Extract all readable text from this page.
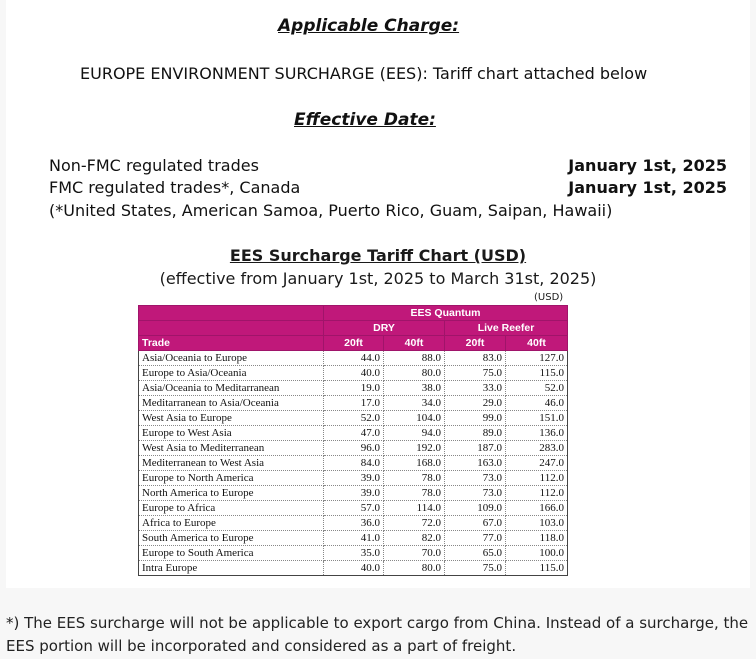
Applicable Charge:
EUROPE ENVIRONMENT SURCHARGE (EES): Tariff chart attached below
Effective Date:
Non-FMC regulated trades	January 1st, 2025
FMC regulated trades*, Canada	January 1st, 2025
(*United States, American Samoa, Puerto Rico, Guam, Saipan, Hawaii)
EES Surcharge Tariff Chart (USD)
(effective from January 1st, 2025 to March 31st, 2025)
(USD)
	EES Quantum			
	DRY		Live Reefer	
Trade	20ft	40ft	20ft	40ft
Asia/Oceania to Europe	44.0	88.0	83.0	127.0
Europe to Asia/Oceania	40.0	80.0	75.0	115.0
Asia/Oceania to Meditarranean	19.0	38.0	33.0	52.0
Meditarranean to Asia/Oceania	17.0	34.0	29.0	46.0
West Asia to Europe	52.0	104.0	99.0	151.0
Europe to West Asia	47.0	94.0	89.0	136.0
West Asia to Mediterranean	96.0	192.0	187.0	283.0
Mediterranean to West Asia	84.0	168.0	163.0	247.0
Europe to North America	39.0	78.0	73.0	112.0
North America to Europe	39.0	78.0	73.0	112.0
Europe to Africa	57.0	114.0	109.0	166.0
Africa to Europe	36.0	72.0	67.0	103.0
South America to Europe	41.0	82.0	77.0	118.0
Europe to South America	35.0	70.0	65.0	100.0
Intra Europe	40.0	80.0	75.0	115.0
*) The EES surcharge will not be applicable to export cargo from China. Instead of a surcharge, the EES portion will be incorporated and considered as a part of freight.
